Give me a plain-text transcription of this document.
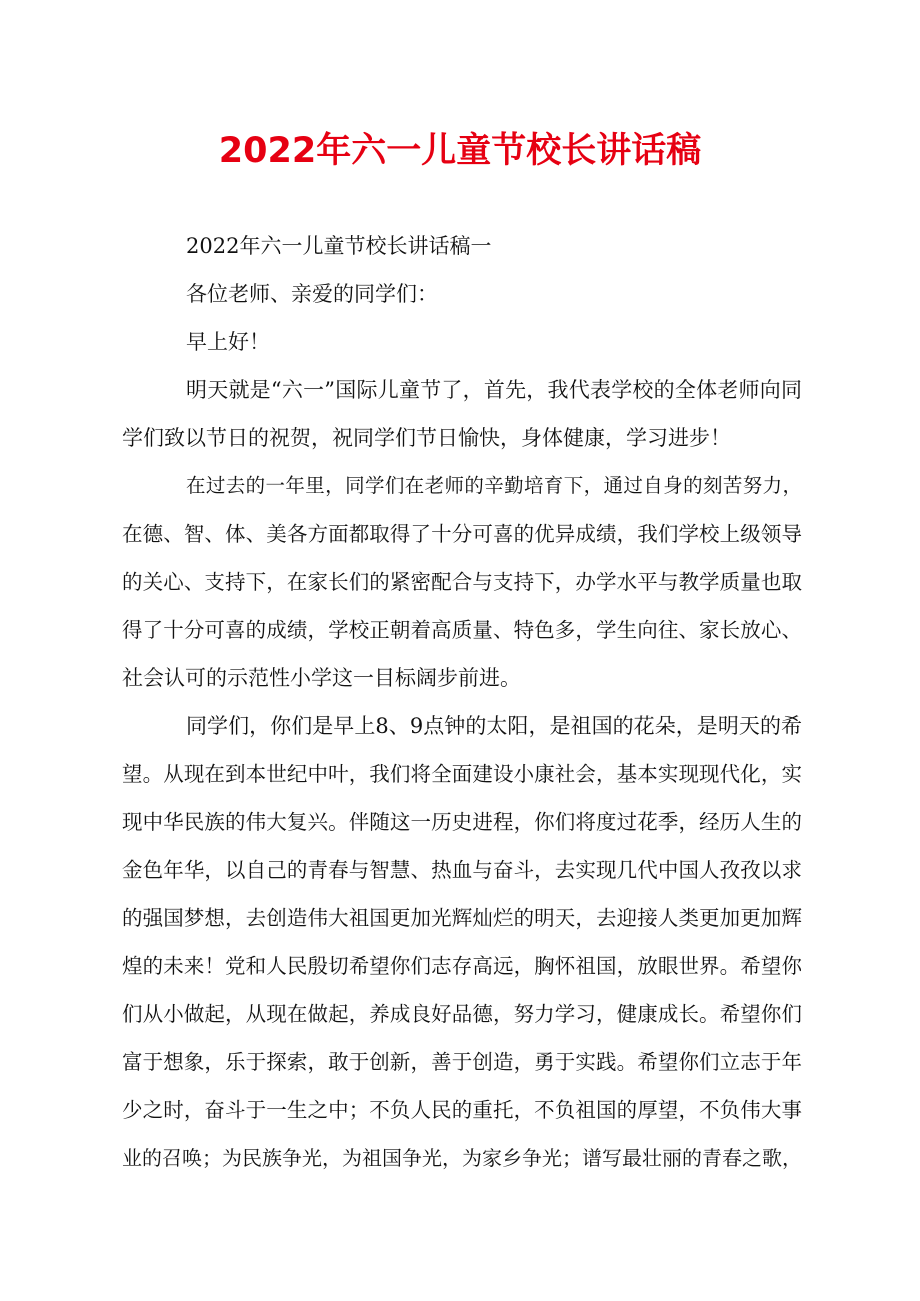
2022年六一儿童节校长讲话稿
2022年六一儿童节校长讲话稿一
各位老师、亲爱的同学们：
早上好！
明天就是“六一”国际儿童节了，首先，我代表学校的全体老师向同
学们致以节日的祝贺，祝同学们节日愉快，身体健康，学习进步！
在过去的一年里，同学们在老师的辛勤培育下，通过自身的刻苦努力，
在德、智、体、美各方面都取得了十分可喜的优异成绩，我们学校上级领导
的关心、支持下，在家长们的紧密配合与支持下，办学水平与教学质量也取
得了十分可喜的成绩，学校正朝着高质量、特色多，学生向往、家长放心、
社会认可的示范性小学这一目标阔步前进。
同学们，你们是早上8、9点钟的太阳，是祖国的花朵，是明天的希
望。从现在到本世纪中叶，我们将全面建设小康社会，基本实现现代化，实
现中华民族的伟大复兴。伴随这一历史进程，你们将度过花季，经历人生的
金色年华，以自己的青春与智慧、热血与奋斗，去实现几代中国人孜孜以求
的强国梦想，去创造伟大祖国更加光辉灿烂的明天，去迎接人类更加更加辉
煌的未来！党和人民殷切希望你们志存高远，胸怀祖国，放眼世界。希望你
们从小做起，从现在做起，养成良好品德，努力学习，健康成长。希望你们
富于想象，乐于探索，敢于创新，善于创造，勇于实践。希望你们立志于年
少之时，奋斗于一生之中；不负人民的重托，不负祖国的厚望，不负伟大事
业的召唤；为民族争光，为祖国争光，为家乡争光；谱写最壮丽的青春之歌，
